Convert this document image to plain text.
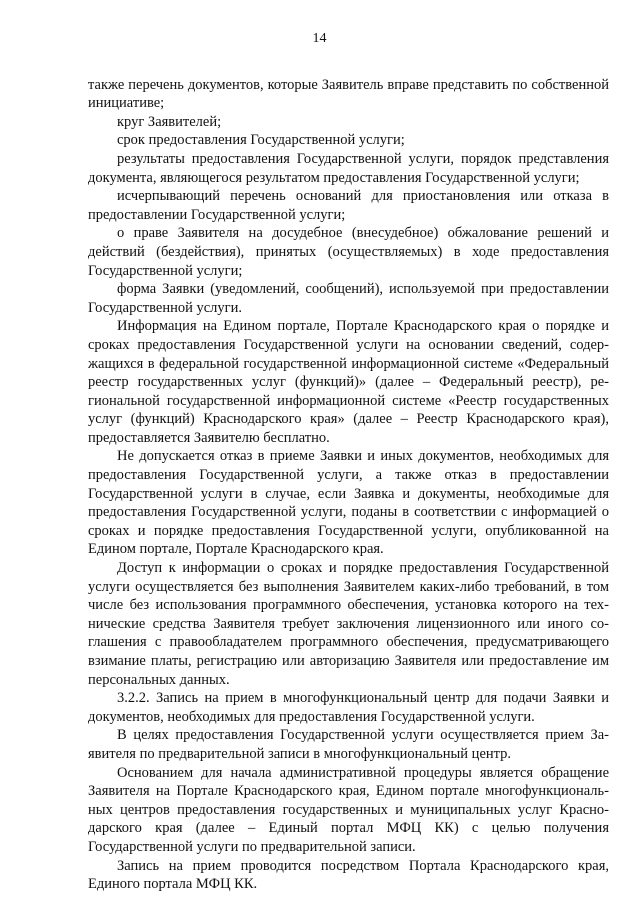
14

также перечень документов, которые Заявитель вправе представить по собственной инициативе;

круг Заявителей;

срок предоставления Государственной услуги;

результаты предоставления Государственной услуги, порядок представления документа, являющегося результатом предоставления Государственной услуги;

исчерпывающий перечень оснований для приостановления или отказа в предоставлении Государственной услуги;

о праве Заявителя на досудебное (внесудебное) обжалование решений и действий (бездействия), принятых (осуществляемых) в ходе предоставления Государственной услуги;

форма Заявки (уведомлений, сообщений), используемой при предоставлении Государственной услуги.

Информация на Едином портале, Портале Краснодарского края о порядке и сроках предоставления Государственной услуги на основании сведений, содержащихся в федеральной государственной информационной системе «Федеральный реестр государственных услуг (функций)» (далее – Федеральный реестр), региональной государственной информационной системе «Реестр государственных услуг (функций) Краснодарского края» (далее – Реестр Краснодарского края), предоставляется Заявителю бесплатно.

Не допускается отказ в приеме Заявки и иных документов, необходимых для предоставления Государственной услуги, а также отказ в предоставлении Государственной услуги в случае, если Заявка и документы, необходимые для предоставления Государственной услуги, поданы в соответствии с информацией о сроках и порядке предоставления Государственной услуги, опубликованной на Едином портале, Портале Краснодарского края.

Доступ к информации о сроках и порядке предоставления Государственной услуги осуществляется без выполнения Заявителем каких-либо требований, в том числе без использования программного обеспечения, установка которого на технические средства Заявителя требует заключения лицензионного или иного соглашения с правообладателем программного обеспечения, предусматривающего взимание платы, регистрацию или авторизацию Заявителя или предоставление им персональных данных.

3.2.2. Запись на прием в многофункциональный центр для подачи Заявки и документов, необходимых для предоставления Государственной услуги.

В целях предоставления Государственной услуги осуществляется прием Заявителя по предварительной записи в многофункциональный центр.

Основанием для начала административной процедуры является обращение Заявителя на Портале Краснодарского края, Едином портале многофункциональных центров предоставления государственных и муниципальных услуг Краснодарского края (далее – Единый портал МФЦ КК) с целью получения Государственной услуги по предварительной записи.

Запись на прием проводится посредством Портала Краснодарского края, Единого портала МФЦ КК.
